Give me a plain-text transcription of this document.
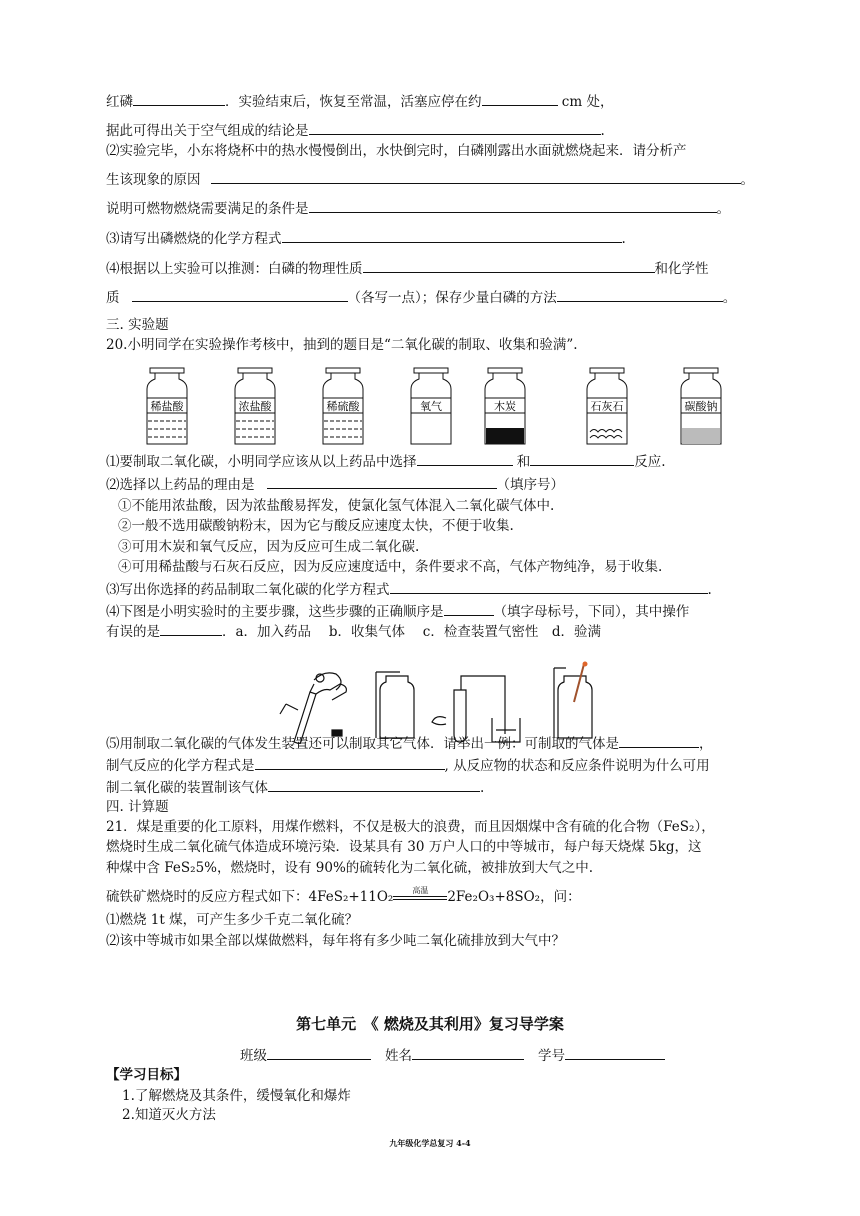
红磷	．实验结束后，恢复至常温，活塞应停在约	cm 处，
据此可得出关于空气组成的结论是	.
⑵实验完毕，小东将烧杯中的热水慢慢倒出，水快倒完时，白磷刚露出水面就燃烧起来．请分析产
生该现象的原因	。
说明可燃物燃烧需要满足的条件是	。
⑶请写出磷燃烧的化学方程式	.
⑷根据以上实验可以推测：白磷的物理性质	和化学性
质	（各写一点）；保存少量白磷的方法	。
三. 实验题
20.小明同学在实验操作考核中，抽到的题目是“二氧化碳的制取、收集和验满”.
稀盐酸	浓盐酸	稀硫酸	氧气	木炭	石灰石	碳酸钠
⑴要制取二氧化碳，小明同学应该从以上药品中选择	和	反应.
⑵选择以上药品的理由是	（填序号）
①不能用浓盐酸，因为浓盐酸易挥发，使氯化氢气体混入二氧化碳气体中.
②一般不选用碳酸钠粉末，因为它与酸反应速度太快，不便于收集.
③可用木炭和氧气反应，因为反应可生成二氧化碳.
④可用稀盐酸与石灰石反应，因为反应速度适中，条件要求不高，气体产物纯净，易于收集.
⑶写出你选择的药品制取二氧化碳的化学方程式	.
⑷下图是小明实验时的主要步骤，这些步骤的正确顺序是	（填字母标号，下同），其中操作
有误的是	．a．加入药品　 b．收集气体　 c．检查装置气密性　d．验满
⑸用制取二氧化碳的气体发生装置还可以制取其它气体．请举出一例：可制取的气体是	，
制气反应的化学方程式是	, 从反应物的状态和反应条件说明为什么可用
制二氧化碳的装置制该气体	.
四. 计算题
21．煤是重要的化工原料，用煤作燃料，不仅是极大的浪费，而且因烟煤中含有硫的化合物（FeS₂），
燃烧时生成二氧化硫气体造成环境污染．设某具有 30 万户人口的中等城市，每户每天烧煤 5kg，这
种煤中含 FeS₂5%，燃烧时，设有 90%的硫转化为二氧化硫，被排放到大气之中.
硫铁矿燃烧时的反应方程式如下：4FeS₂+11O₂	高温	2Fe₂O₃+8SO₂，问：
⑴燃烧 1t 煤，可产生多少千克二氧化硫？
⑵该中等城市如果全部以煤做燃料，每年将有多少吨二氧化硫排放到大气中？
第七单元　《 燃烧及其利用》复习导学案
班级	姓名	学号
【学习目标】
1.了解燃烧及其条件，缓慢氧化和爆炸
2.知道灭火方法
九年级化学总复习 4-4
